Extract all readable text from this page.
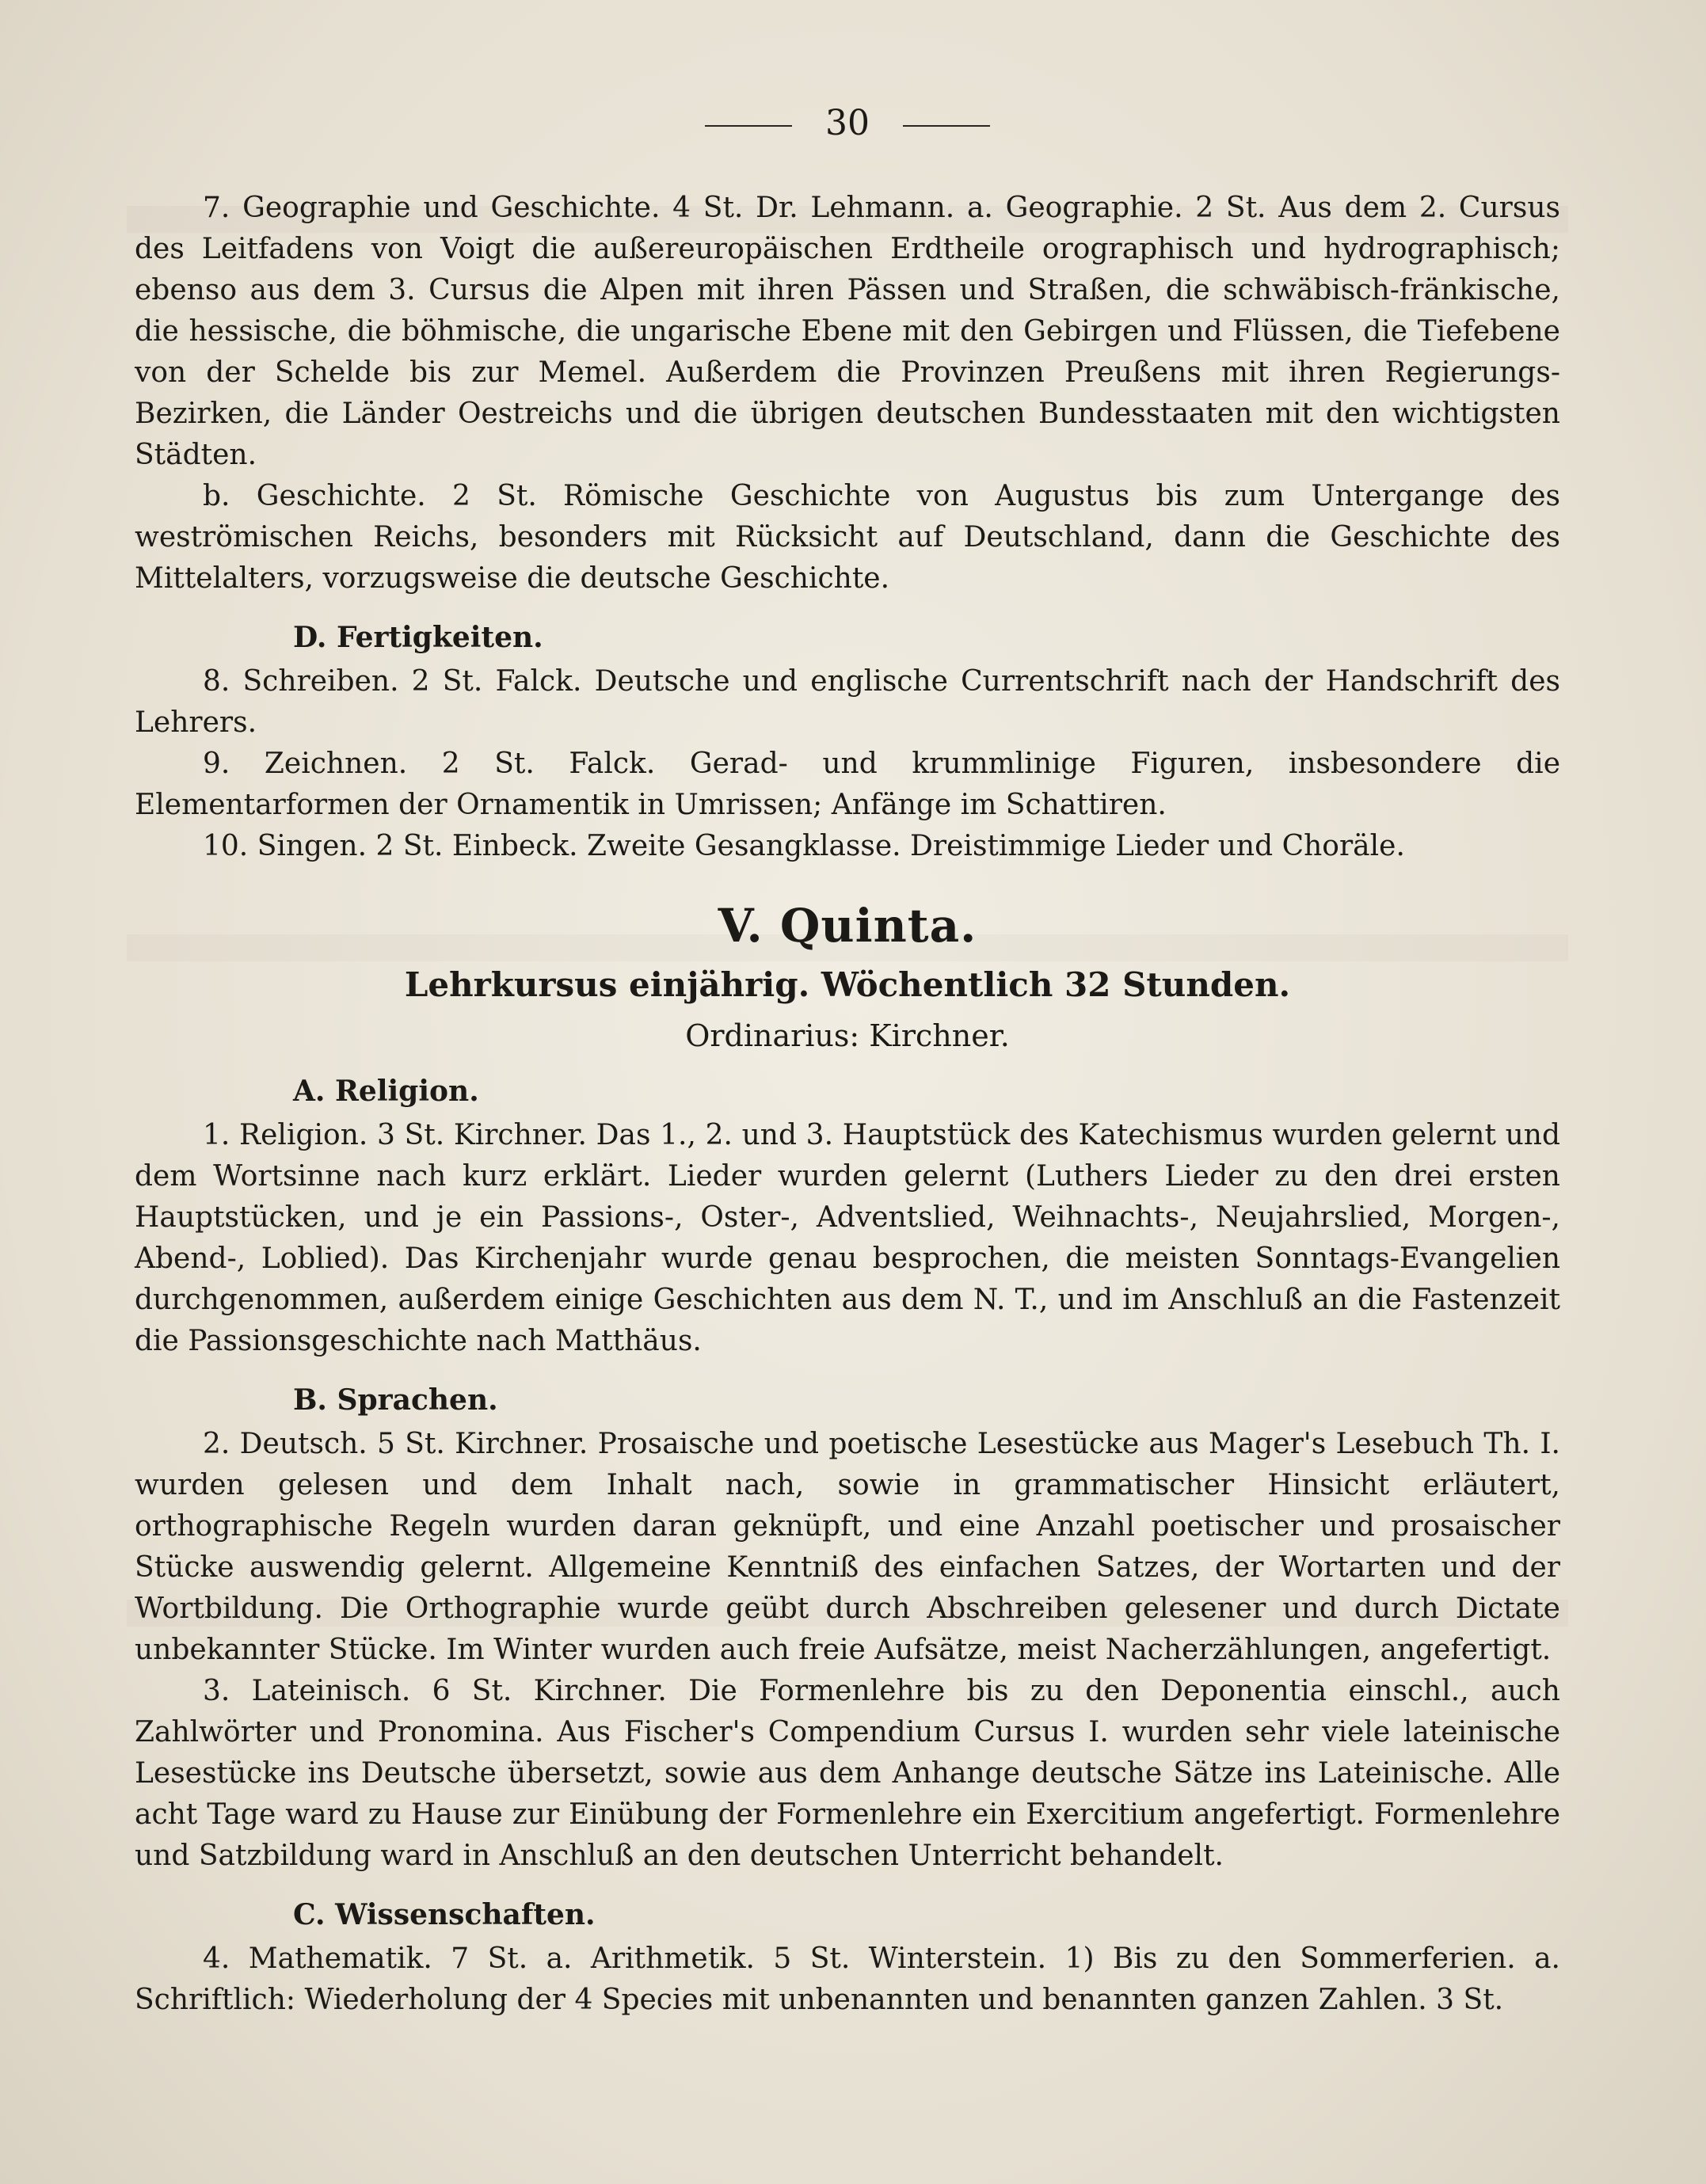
30

7. Geographie und Geschichte. 4 St. Dr. Lehmann. a. Geographie. 2 St. Aus dem 2. Cursus des Leitfadens von Voigt die außereuropäischen Erdtheile orographisch und hydrographisch; ebenso aus dem 3. Cursus die Alpen mit ihren Pässen und Straßen, die schwäbisch-fränkische, die hessische, die böhmische, die ungarische Ebene mit den Gebirgen und Flüssen, die Tiefebene von der Schelde bis zur Memel. Außerdem die Provinzen Preußens mit ihren Regierungs-Bezirken, die Länder Oestreichs und die übrigen deutschen Bundesstaaten mit den wichtigsten Städten.

b. Geschichte. 2 St. Römische Geschichte von Augustus bis zum Untergange des weströmischen Reichs, besonders mit Rücksicht auf Deutschland, dann die Geschichte des Mittelalters, vorzugsweise die deutsche Geschichte.

D. Fertigkeiten.

8. Schreiben. 2 St. Falck. Deutsche und englische Currentschrift nach der Handschrift des Lehrers.

9. Zeichnen. 2 St. Falck. Gerad- und krummlinige Figuren, insbesondere die Elementarformen der Ornamentik in Umrissen; Anfänge im Schattiren.

10. Singen. 2 St. Einbeck. Zweite Gesangklasse. Dreistimmige Lieder und Choräle.

V. Quinta.
Lehrkursus einjährig. Wöchentlich 32 Stunden.
Ordinarius: Kirchner.
A. Religion.

1. Religion. 3 St. Kirchner. Das 1., 2. und 3. Hauptstück des Katechismus wurden gelernt und dem Wortsinne nach kurz erklärt. Lieder wurden gelernt (Luthers Lieder zu den drei ersten Hauptstücken, und je ein Passions-, Oster-, Adventslied, Weihnachts-, Neujahrslied, Morgen-, Abend-, Loblied). Das Kirchenjahr wurde genau besprochen, die meisten Sonntags-Evangelien durchgenommen, außerdem einige Geschichten aus dem N. T., und im Anschluß an die Fastenzeit die Passionsgeschichte nach Matthäus.

B. Sprachen.

2. Deutsch. 5 St. Kirchner. Prosaische und poetische Lesestücke aus Mager's Lesebuch Th. I. wurden gelesen und dem Inhalt nach, sowie in grammatischer Hinsicht erläutert, orthographische Regeln wurden daran geknüpft, und eine Anzahl poetischer und prosaischer Stücke auswendig gelernt. Allgemeine Kenntniß des einfachen Satzes, der Wortarten und der Wortbildung. Die Orthographie wurde geübt durch Abschreiben gelesener und durch Dictate unbekannter Stücke. Im Winter wurden auch freie Aufsätze, meist Nacherzählungen, angefertigt.

3. Lateinisch. 6 St. Kirchner. Die Formenlehre bis zu den Deponentia einschl., auch Zahlwörter und Pronomina. Aus Fischer's Compendium Cursus I. wurden sehr viele lateinische Lesestücke ins Deutsche übersetzt, sowie aus dem Anhange deutsche Sätze ins Lateinische. Alle acht Tage ward zu Hause zur Einübung der Formenlehre ein Exercitium angefertigt. Formenlehre und Satzbildung ward in Anschluß an den deutschen Unterricht behandelt.

C. Wissenschaften.

4. Mathematik. 7 St. a. Arithmetik. 5 St. Winterstein. 1) Bis zu den Sommerferien. a. Schriftlich: Wiederholung der 4 Species mit unbenannten und benannten ganzen Zahlen. 3 St.
